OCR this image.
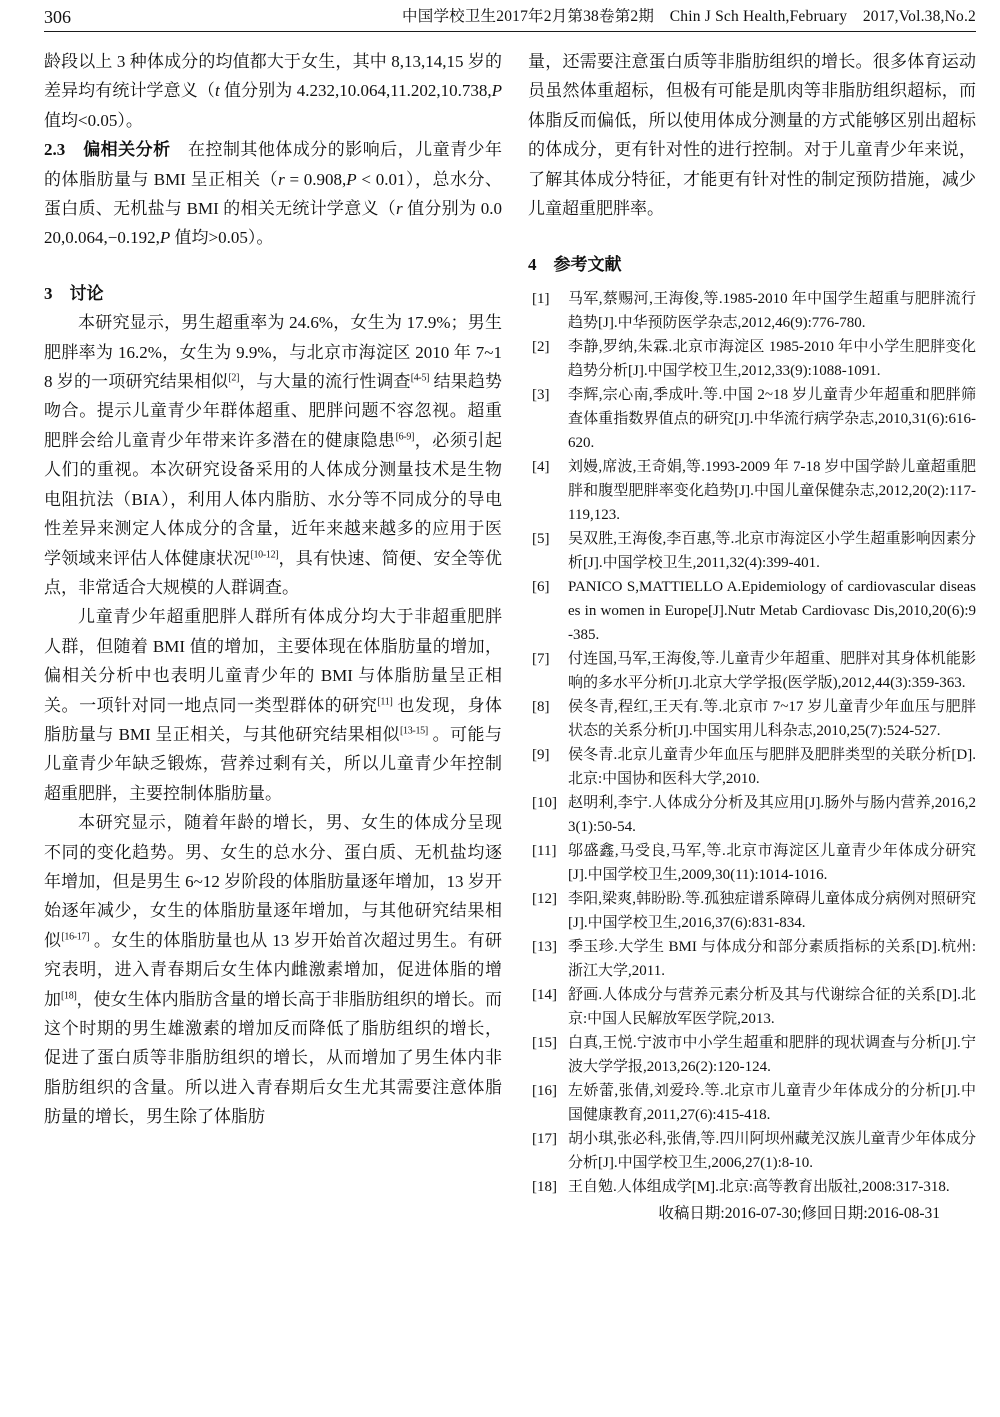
306	中国学校卫生2017年2月第38卷第2期　Chin J Sch Health,February　2017,Vol.38,No.2

龄段以上 3 种体成分的均值都大于女生，其中 8,13,14,15 岁的差异均有统计学意义（t 值分别为 4.232,10.064,11.202,10.738,P 值均<0.05）。

2.3　偏相关分析　在控制其他体成分的影响后，儿童青少年的体脂肪量与 BMI 呈正相关（r = 0.908,P < 0.01），总水分、蛋白质、无机盐与 BMI 的相关无统计学意义（r 值分别为 0.020,0.064,−0.192,P 值均>0.05）。

3　讨论

本研究显示，男生超重率为 24.6%，女生为 17.9%；男生肥胖率为 16.2%，女生为 9.9%，与北京市海淀区 2010 年 7~18 岁的一项研究结果相似[2]，与大量的流行性调查[4-5] 结果趋势吻合。提示儿童青少年群体超重、肥胖问题不容忽视。超重肥胖会给儿童青少年带来许多潜在的健康隐患[6-9]，必须引起人们的重视。本次研究设备采用的人体成分测量技术是生物电阻抗法（BIA），利用人体内脂肪、水分等不同成分的导电性差异来测定人体成分的含量，近年来越来越多的应用于医学领域来评估人体健康状况[10-12]，具有快速、简便、安全等优点，非常适合大规模的人群调查。

儿童青少年超重肥胖人群所有体成分均大于非超重肥胖人群，但随着 BMI 值的增加，主要体现在体脂肪量的增加，偏相关分析中也表明儿童青少年的 BMI 与体脂肪量呈正相关。一项针对同一地点同一类型群体的研究[11] 也发现，身体脂肪量与 BMI 呈正相关，与其他研究结果相似[13-15] 。可能与儿童青少年缺乏锻炼，营养过剩有关，所以儿童青少年控制超重肥胖，主要控制体脂肪量。

本研究显示，随着年龄的增长，男、女生的体成分呈现不同的变化趋势。男、女生的总水分、蛋白质、无机盐均逐年增加，但是男生 6~12 岁阶段的体脂肪量逐年增加，13 岁开始逐年减少，女生的体脂肪量逐年增加，与其他研究结果相似[16-17] 。女生的体脂肪量也从 13 岁开始首次超过男生。有研究表明，进入青春期后女生体内雌激素增加，促进体脂的增加[18]，使女生体内脂肪含量的增长高于非脂肪组织的增长。而这个时期的男生雄激素的增加反而降低了脂肪组织的增长，促进了蛋白质等非脂肪组织的增长，从而增加了男生体内非脂肪组织的含量。所以进入青春期后女生尤其需要注意体脂肪量的增长，男生除了体脂肪

量，还需要注意蛋白质等非脂肪组织的增长。很多体育运动员虽然体重超标，但极有可能是肌肉等非脂肪组织超标，而体脂反而偏低，所以使用体成分测量的方式能够区别出超标的体成分，更有针对性的进行控制。对于儿童青少年来说，了解其体成分特征，才能更有针对性的制定预防措施，减少儿童超重肥胖率。

4　参考文献

[1] 马军,蔡赐河,王海俊,等.1985-2010 年中国学生超重与肥胖流行趋势[J].中华预防医学杂志,2012,46(9):776-780.
[2] 李静,罗纳,朱霖.北京市海淀区 1985-2010 年中小学生肥胖变化趋势分析[J].中国学校卫生,2012,33(9):1088-1091.
[3] 李辉,宗心南,季成叶.等.中国 2~18 岁儿童青少年超重和肥胖筛查体重指数界值点的研究[J].中华流行病学杂志,2010,31(6):616-620.
[4] 刘嫚,席波,王奇娟,等.1993-2009 年 7-18 岁中国学龄儿童超重肥胖和腹型肥胖率变化趋势[J].中国儿童保健杂志,2012,20(2):117-119,123.
[5] 吴双胜,王海俊,李百惠,等.北京市海淀区小学生超重影响因素分析[J].中国学校卫生,2011,32(4):399-401.
[6] PANICO S,MATTIELLO A.Epidemiology of cardiovascular diseases in women in Europe[J].Nutr Metab Cardiovasc Dis,2010,20(6):9-385.
[7] 付连国,马军,王海俊,等.儿童青少年超重、肥胖对其身体机能影响的多水平分析[J].北京大学学报(医学版),2012,44(3):359-363.
[8] 侯冬青,程红,王天有.等.北京市 7~17 岁儿童青少年血压与肥胖状态的关系分析[J].中国实用儿科杂志,2010,25(7):524-527.
[9] 侯冬青.北京儿童青少年血压与肥胖及肥胖类型的关联分析[D].北京:中国协和医科大学,2010.
[10] 赵明利,李宁.人体成分分析及其应用[J].肠外与肠内营养,2016,23(1):50-54.
[11] 邬盛鑫,马受良,马军,等.北京市海淀区儿童青少年体成分研究[J].中国学校卫生,2009,30(11):1014-1016.
[12] 李阳,梁爽,韩盼盼.等.孤独症谱系障碍儿童体成分病例对照研究[J].中国学校卫生,2016,37(6):831-834.
[13] 季玉珍.大学生 BMI 与体成分和部分素质指标的关系[D].杭州:浙江大学,2011.
[14] 舒画.人体成分与营养元素分析及其与代谢综合征的关系[D].北京:中国人民解放军医学院,2013.
[15] 白真,王悦.宁波市中小学生超重和肥胖的现状调查与分析[J].宁波大学学报,2013,26(2):120-124.
[16] 左娇蕾,张倩,刘爱玲.等.北京市儿童青少年体成分的分析[J].中国健康教育,2011,27(6):415-418.
[17] 胡小琪,张必科,张倩,等.四川阿坝州藏羌汉族儿童青少年体成分分析[J].中国学校卫生,2006,27(1):8-10.
[18] 王自勉.人体组成学[M].北京:高等教育出版社,2008:317-318.
收稿日期:2016-07-30;修回日期:2016-08-31
